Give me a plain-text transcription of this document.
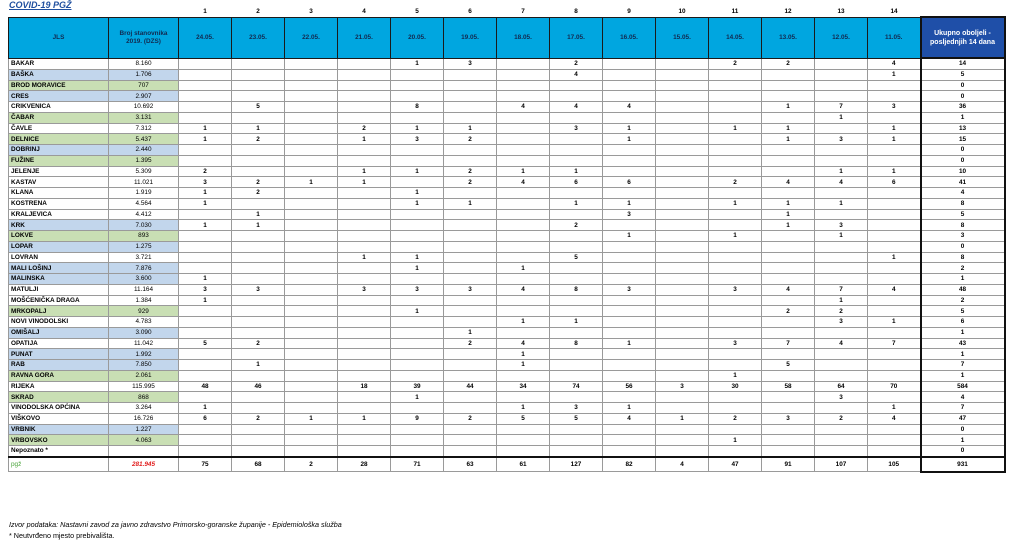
COVID-19 PGŽ
		1	2	3	4	5	6	7	8	9	10	11	12	13	14	
JLS	Broj stanovnika 2019. (DZS)	24.05.	23.05.	22.05.	21.05.	20.05.	19.05.	18.05.	17.05.	16.05.	15.05.	14.05.	13.05.	12.05.	11.05.	Ukupno oboljeli - posljednjih 14 dana
BAKAR	8.160					1	3		2			2	2		4	14
BAŠKA	1.706								4						1	5
BROD MORAVICE	707															0
CRES	2.907															0
CRIKVENICA	10.692		5			8		4	4	4			1	7	3	36
ČABAR	3.131													1		1
ČAVLE	7.312	1	1		2	1	1		3	1		1	1		1	13
DELNICE	5.437	1	2		1	3	2			1			1	3	1	15
DOBRINJ	2.440															0
FUŽINE	1.395															0
JELENJE	5.309	2			1	1	2	1	1					1	1	10
KASTAV	11.021	3	2	1	1		2	4	6	6		2	4	4	6	41
KLANA	1.919	1	2			1										4
KOSTRENA	4.564	1				1	1		1	1		1	1	1		8
KRALJEVICA	4.412		1							3			1			5
KRK	7.030	1	1						2				1	3		8
LOKVE	893									1		1		1		3
LOPAR	1.275															0
LOVRAN	3.721				1	1			5						1	8
MALI LOŠINJ	7.876					1		1								2
MALINSKA	3.600	1														1
MATULJI	11.164	3	3		3	3	3	4	8	3		3	4	7	4	48
MOŠĆENIČKA DRAGA	1.384	1												1		2
MRKOPALJ	929					1							2	2		5
NOVI VINODOLSKI	4.783							1	1					3	1	6
OMIŠALJ	3.090						1									1
OPATIJA	11.042	5	2				2	4	8	1		3	7	4	7	43
PUNAT	1.992							1								1
RAB	7.850		1					1					5			7
RAVNA GORA	2.061											1				1
RIJEKA	115.995	48	46		18	39	44	34	74	56	3	30	58	64	70	584
SKRAD	868					1								3		4
VINODOLSKA OPĆINA	3.264	1						1	3	1					1	7
VIŠKOVO	16.726	6	2	1	1	9	2	5	5	4	1	2	3	2	4	47
VRBNIK	1.227															0
VRBOVSKO	4.063											1				1
Nepoznato *																0
pgž	281.945	75	68	2	28	71	63	61	127	82	4	47	91	107	105	931
Izvor podataka: Nastavni zavod za javno zdravstvo Primorsko-goranske županije - Epidemiološka služba
* Neutvrđeno mjesto prebivališta.
